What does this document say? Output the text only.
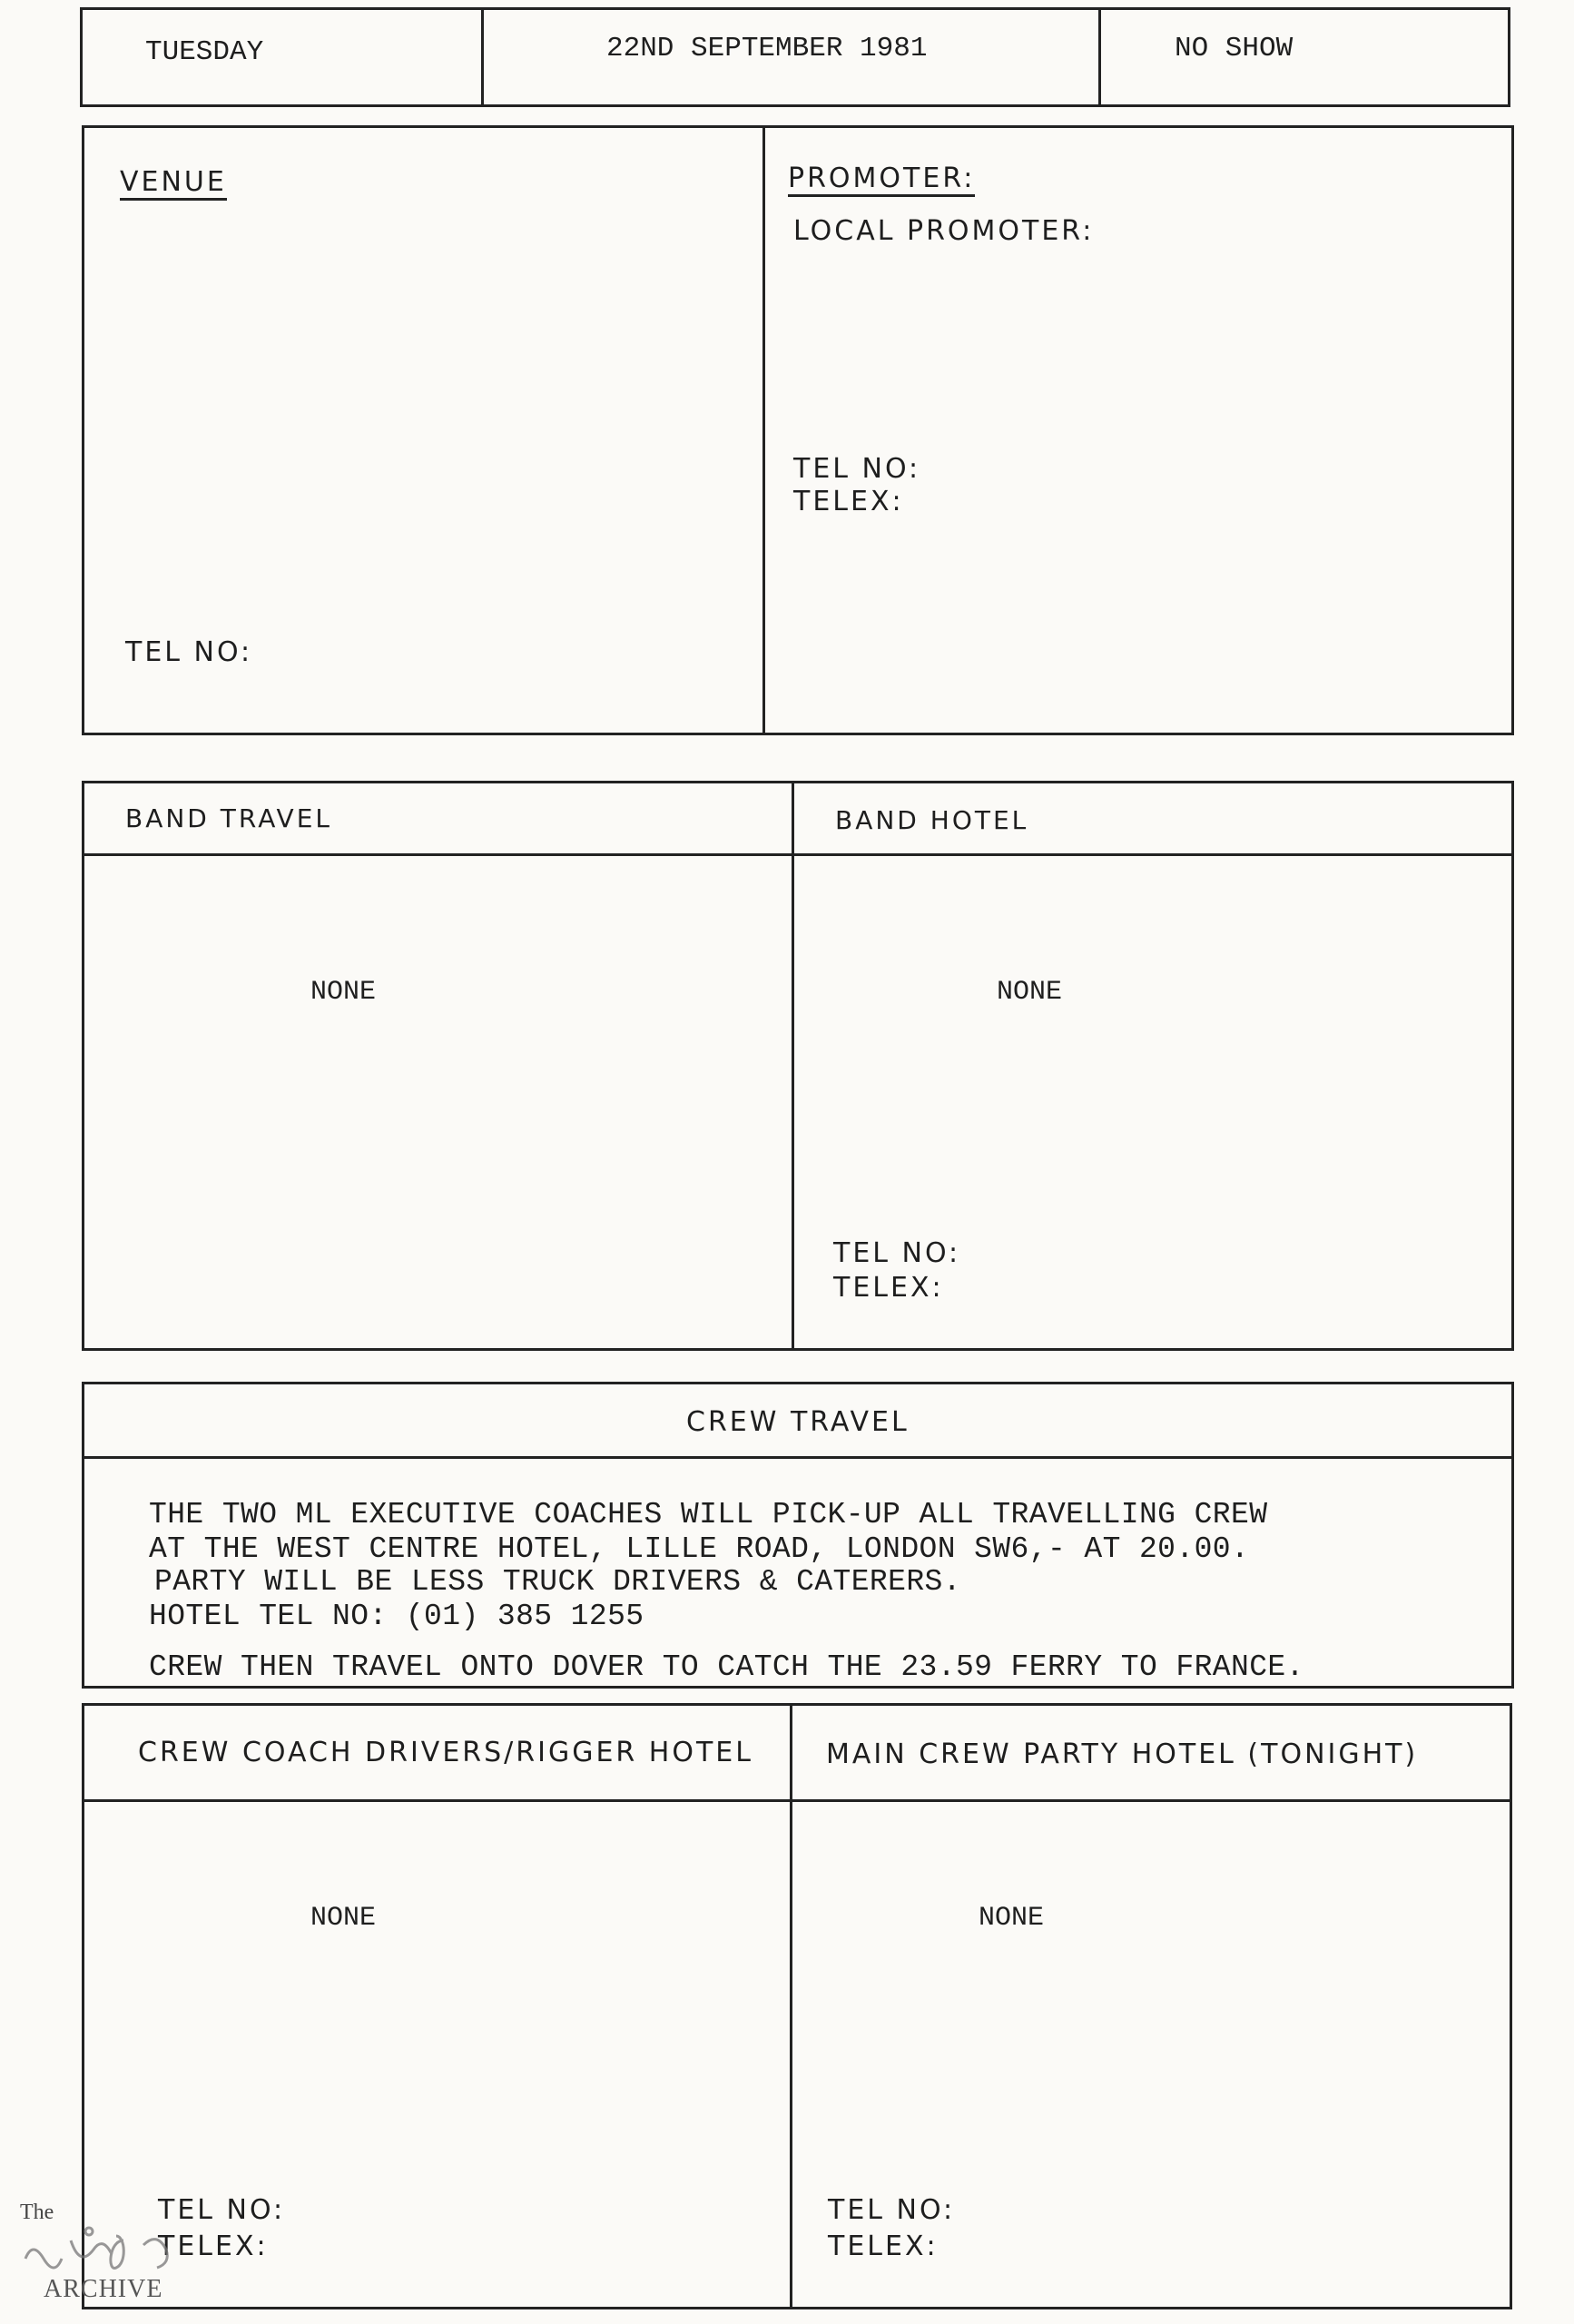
TUESDAY	22ND SEPTEMBER 1981	NO SHOW
VENUE
TEL NO:
PROMOTER:
LOCAL PROMOTER:
TEL NO:
TELEX:
BAND TRAVEL	BAND HOTEL
NONE	NONE
TEL NO:
TELEX:
CREW TRAVEL
THE TWO ML EXECUTIVE COACHES WILL PICK-UP ALL TRAVELLING CREW
AT THE WEST CENTRE HOTEL, LILLE ROAD, LONDON SW6,- AT 20.00.
PARTY WILL BE LESS TRUCK DRIVERS & CATERERS.
HOTEL TEL NO: (01) 385 1255
CREW THEN TRAVEL ONTO DOVER TO CATCH THE 23.59 FERRY TO FRANCE.
CREW COACH DRIVERS/RIGGER HOTEL	MAIN CREW PARTY HOTEL (TONIGHT)
NONE	NONE
TEL NO:
TELEX:
TEL NO:
TELEX:
The
ARCHIVE
